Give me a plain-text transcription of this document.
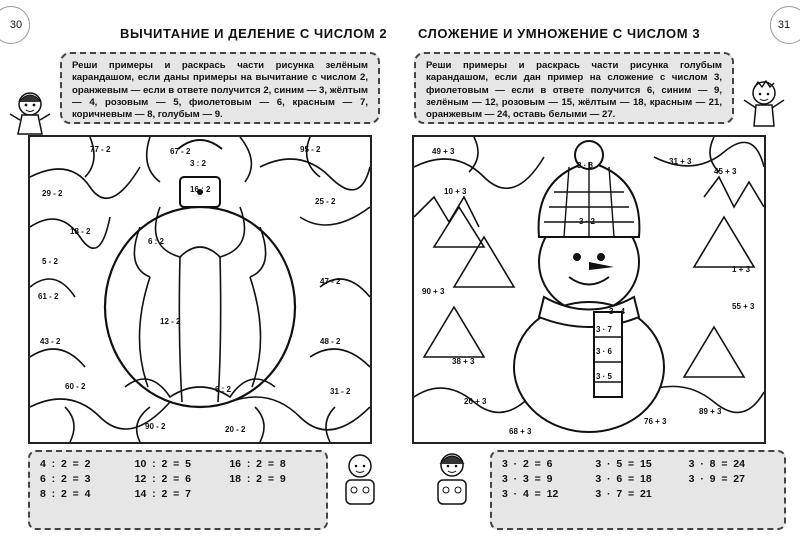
30
ВЫЧИТАНИЕ И ДЕЛЕНИЕ С ЧИСЛОМ 2
Реши примеры и раскрась части рисунка зелёным карандашом, если даны примеры на вычитание с числом 2, оранжевым — если в ответе получится 2, синим — 3, жёлтым — 4, розовым — 5, фиолетовым — 6, красным — 7, коричневым — 8, голубым — 9.
77 - 2
29 - 2
67 - 2
3 : 2
95 - 2
16 : 2
25 - 2
18 - 2
5 - 2
6 : 2
61 - 2
12 - 2
47 - 2
43 - 2
60 - 2	6 : 2
90 - 2	20 - 2
48 - 2
31 - 2
4  :  2  =  2	10  :  2  =  5	16  :  2  =  8
6  :  2  =  3	12  :  2  =  6	18  :  2  =  9
8  :  2  =  4	14  :  2  =  7
31
СЛОЖЕНИЕ И УМНОЖЕНИЕ С ЧИСЛОМ 3
Реши примеры и раскрась части рисунка голубым карандашом, если дан пример на сложение с числом 3, фиолетовым — если в ответе получится 6, синим — 9, зелёным — 12, розовым — 15, жёлтым — 18, красным — 21, оранжевым — 24, оставь белыми — 27.
49 + 3
3 · 8
45 + 3
10 + 3
31 + 3
90 + 3
3 · 4
55 + 3
38 + 3
3 · 2
68 + 3
89 + 3
3 · 5
1 + 3
26 + 3
3 · 6
76 + 3
3 · 7
3  ·  2  =  6	3  ·  5  =  15	3  ·  8  =  24
3  ·  3  =  9	3  ·  6  =  18	3  ·  9  =  27
3  ·  4  =  12	3  ·  7  =  21
